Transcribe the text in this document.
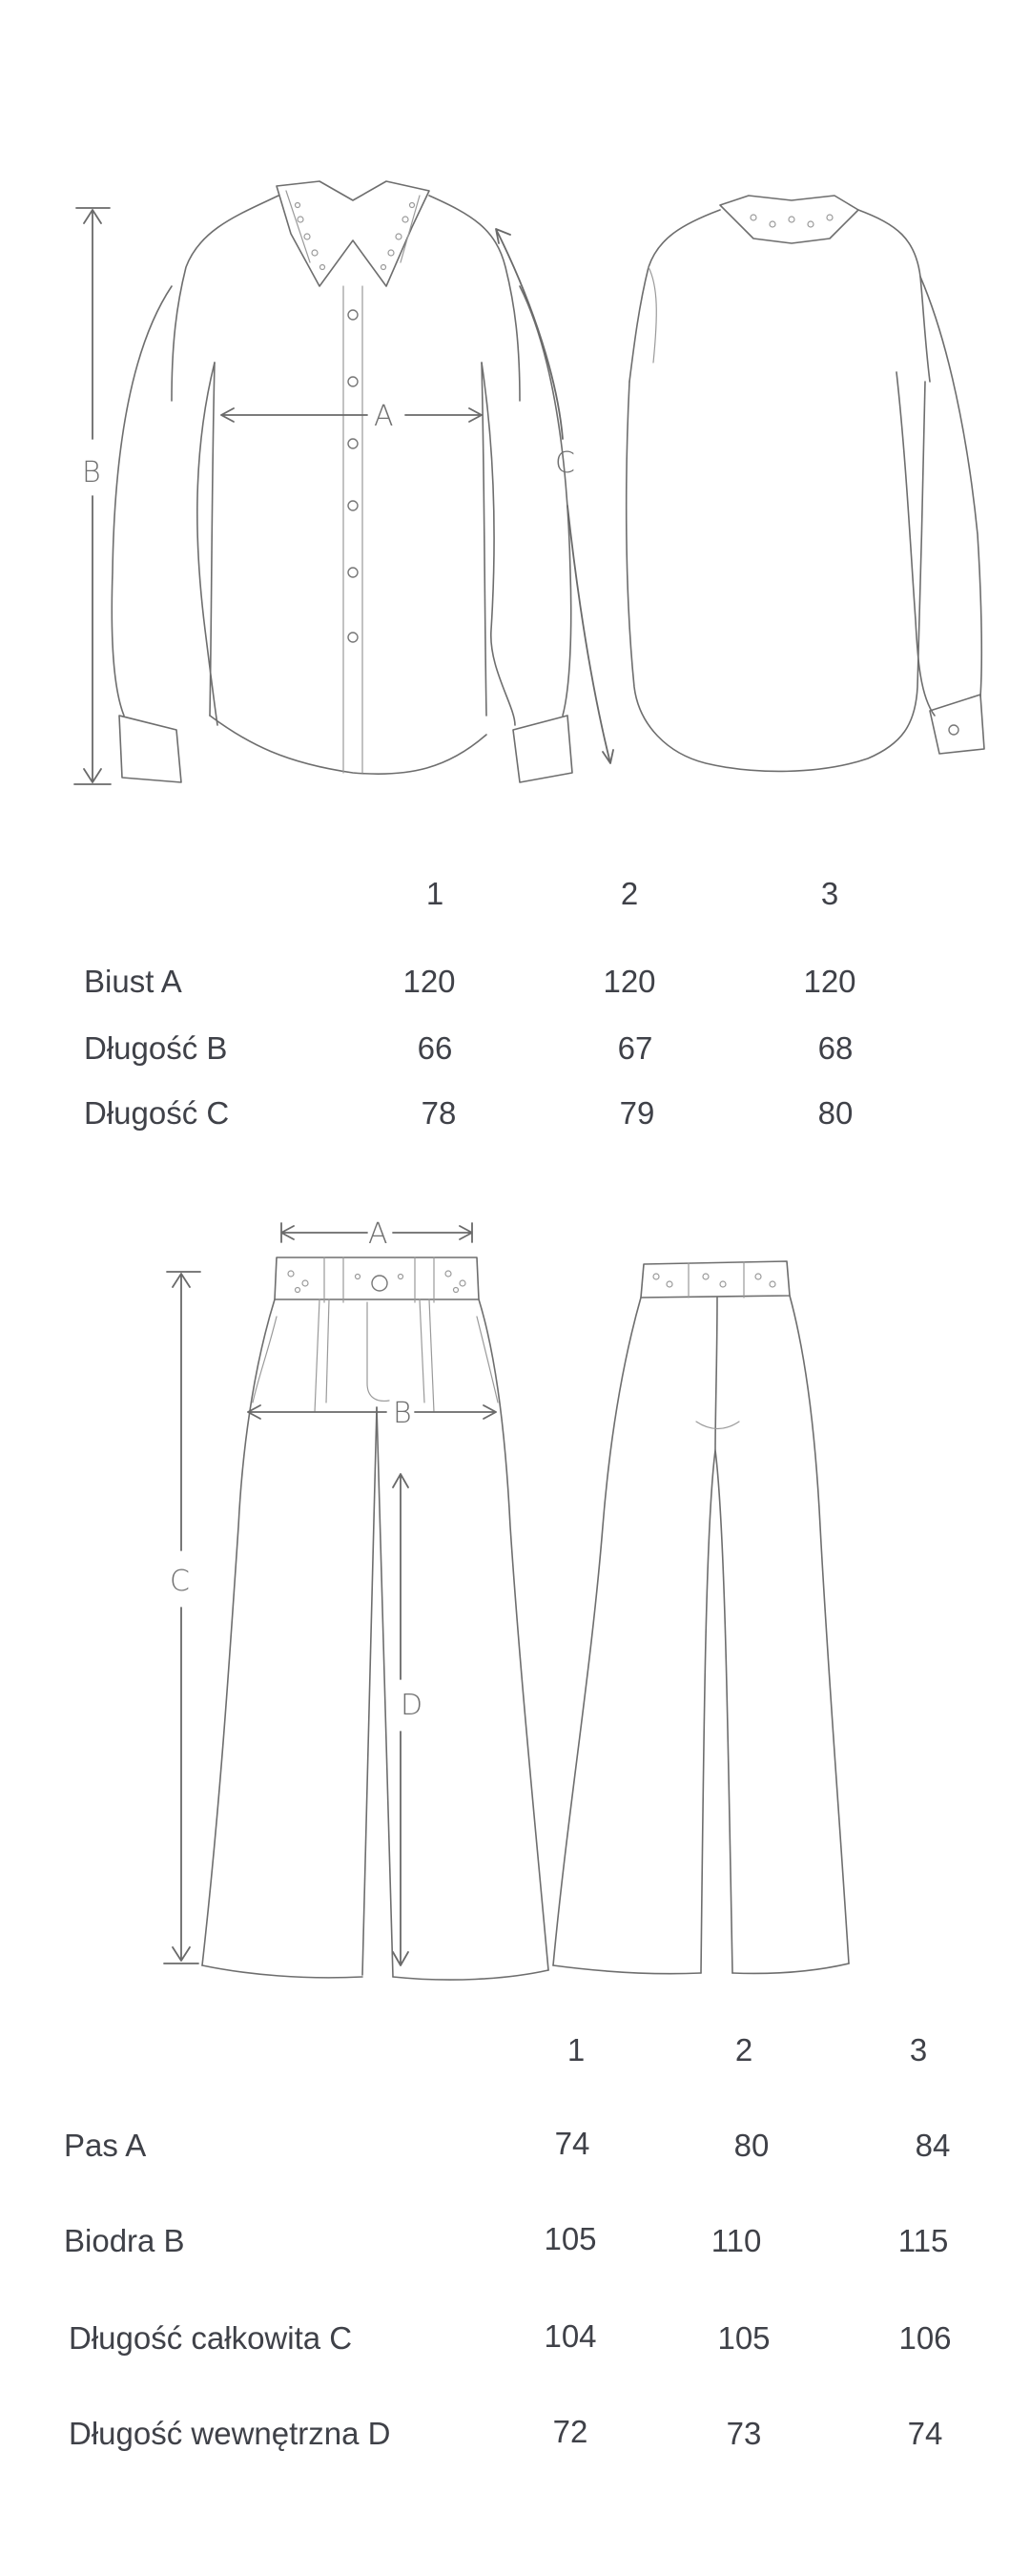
A
B	C
1	2	3
Biust A	120	120	120
Długość B	66	67	68
Długość C	78	79	80
A
B
C
D
1	2	3
Pas A	74	80	84
Biodra B	105	110	115
Długość całkowita C	104	105	106
Długość wewnętrzna D	72	73	74
